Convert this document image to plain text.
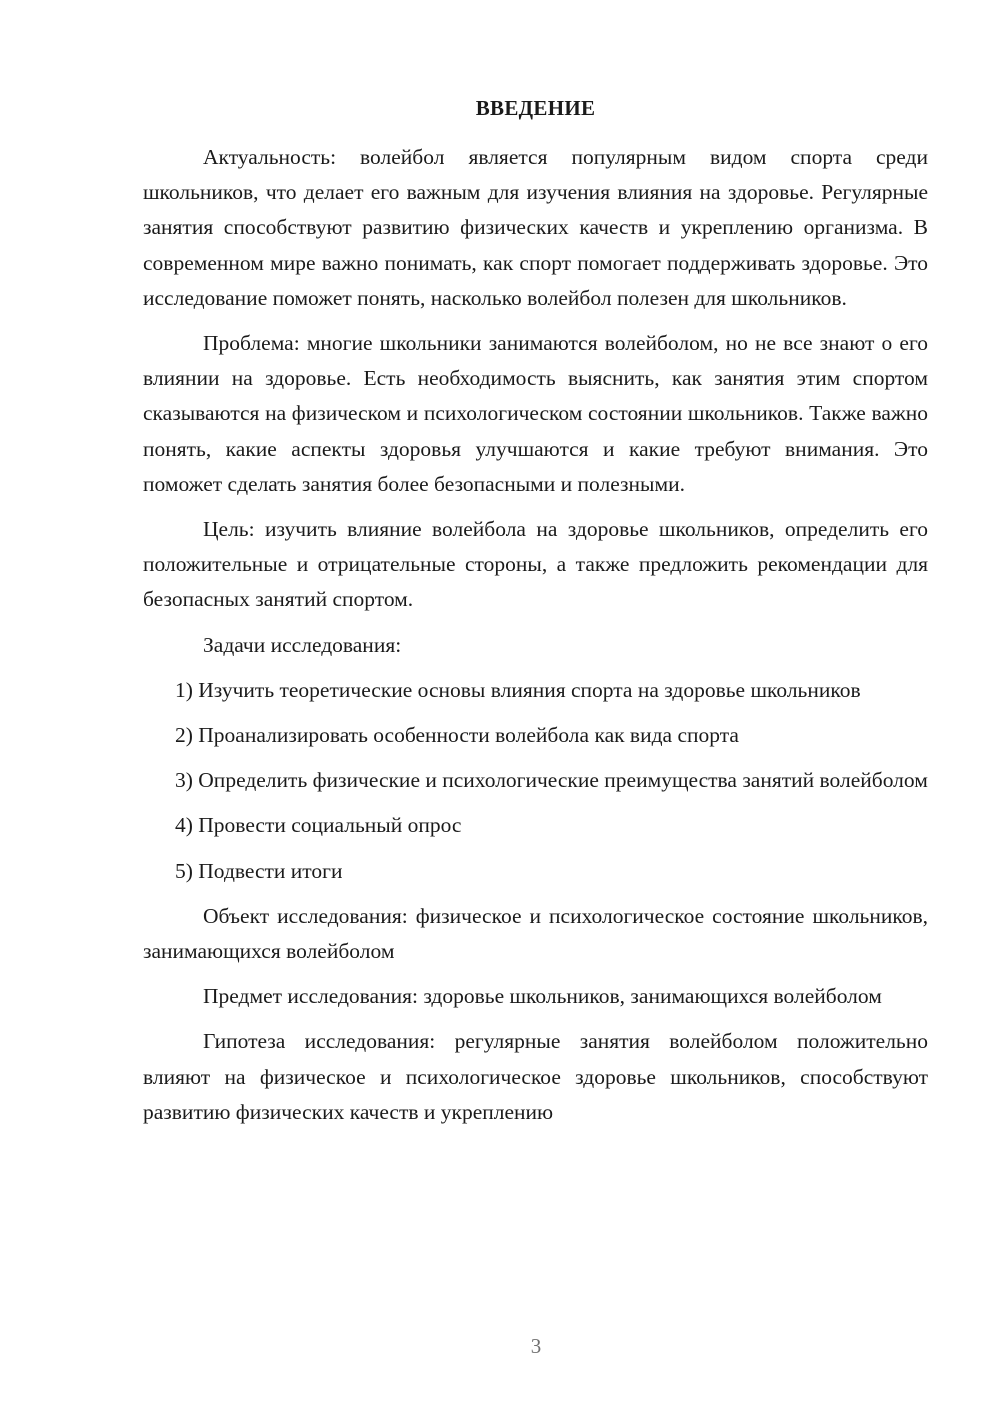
ВВЕДЕНИЕ

Актуальность: волейбол является популярным видом спорта среди школьников, что делает его важным для изучения влияния на здоровье. Регулярные занятия способствуют развитию физических качеств и укреплению организма. В современном мире важно понимать, как спорт помогает поддерживать здоровье. Это исследование поможет понять, насколько волейбол полезен для школьников.

Проблема: многие школьники занимаются волейболом, но не все знают о его влиянии на здоровье. Есть необходимость выяснить, как занятия этим спортом сказываются на физическом и психологическом состоянии школьников. Также важно понять, какие аспекты здоровья улучшаются и какие требуют внимания. Это поможет сделать занятия более безопасными и полезными.

Цель: изучить влияние волейбола на здоровье школьников, определить его положительные и отрицательные стороны, а также предложить рекомендации для безопасных занятий спортом.

Задачи исследования:

1) Изучить теоретические основы влияния спорта на здоровье школьников

2) Проанализировать особенности волейбола как вида спорта

3) Определить физические и психологические преимущества занятий волейболом

4) Провести социальный опрос

5) Подвести итоги

Объект исследования: физическое и психологическое состояние школьников, занимающихся волейболом

Предмет исследования: здоровье школьников, занимающихся волейболом

Гипотеза исследования: регулярные занятия волейболом положительно влияют на физическое и психологическое здоровье школьников, способствуют развитию физических качеств и укреплению

3
